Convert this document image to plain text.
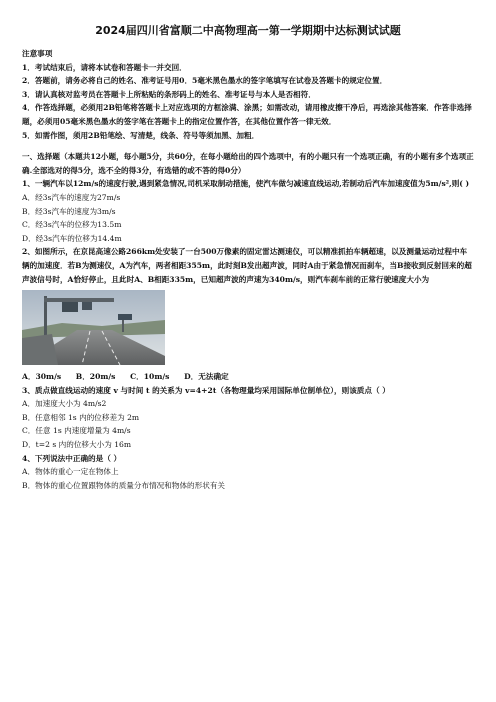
2024届四川省富顺二中高物理高一第一学期期中达标测试试题
注意事项
1．考试结束后，请将本试卷和答题卡一并交回．
2．答题前，请务必将自己的姓名、准考证号用0．5毫米黑色墨水的签字笔填写在试卷及答题卡的规定位置．
3．请认真核对监考员在答题卡上所粘贴的条形码上的姓名、准考证号与本人是否相符．
4．作答选择题，必须用2B铅笔将答题卡上对应选项的方框涂满、涂黑；如需改动，请用橡皮擦干净后，再选涂其他答案．作答非选择题，必须用05毫米黑色墨水的签字笔在答题卡上的指定位置作答，在其他位置作答一律无效．
5．如需作图，须用2B铅笔绘、写清楚，线条、符号等须加黑、加粗．
一、选择题（本题共12小题，每小题5分，共60分，在每小题给出的四个选项中，有的小题只有一个选项正确，有的小题有多个选项正确.全部选对的得5分，选不全的得3分，有选错的或不答的得0分）
1、一辆汽车以12m/s的速度行驶,遇到紧急情况,司机采取制动措施，使汽车做匀减速直线运动,若制动后汽车加速度值为5m/s²,则( )
A．经3s汽车的速度为27m/s
B．经3s汽车的速度为3m/s
C．经3s汽车的位移为13.5m
D．经3s汽车的位移为14.4m
2、如图所示，在京昆高速公路266km处安装了一台500万像素的固定雷达测速仪，可以精准抓拍车辆超速，以及测量运动过程中车辆的加速度．若B为测速仪，A为汽车，两者相距355m，此时刻B发出超声波，同时A由于紧急情况而刹车，当B接收到反射回来的超声波信号时，A恰好停止，且此时A、B相距335m，已知超声波的声速为340m/s，则汽车刹车前的正常行驶速度大小为
A．30m/s B．20m/s C．10m/s D．无法确定
3、质点做直线运动的速度 v 与时间 t 的关系为 v=4+2t（各物理量均采用国际单位制单位），则该质点（ ）
A．加速度大小为 4m/s2
B．任意相邻 1s 内的位移差为 2m
C．任意 1s 内速度增量为 4m/s
D．t=2 s 内的位移大小为 16m
4、下列说法中正确的是（ ）
A．物体的重心一定在物体上
B．物体的重心位置跟物体的质量分布情况和物体的形状有关
